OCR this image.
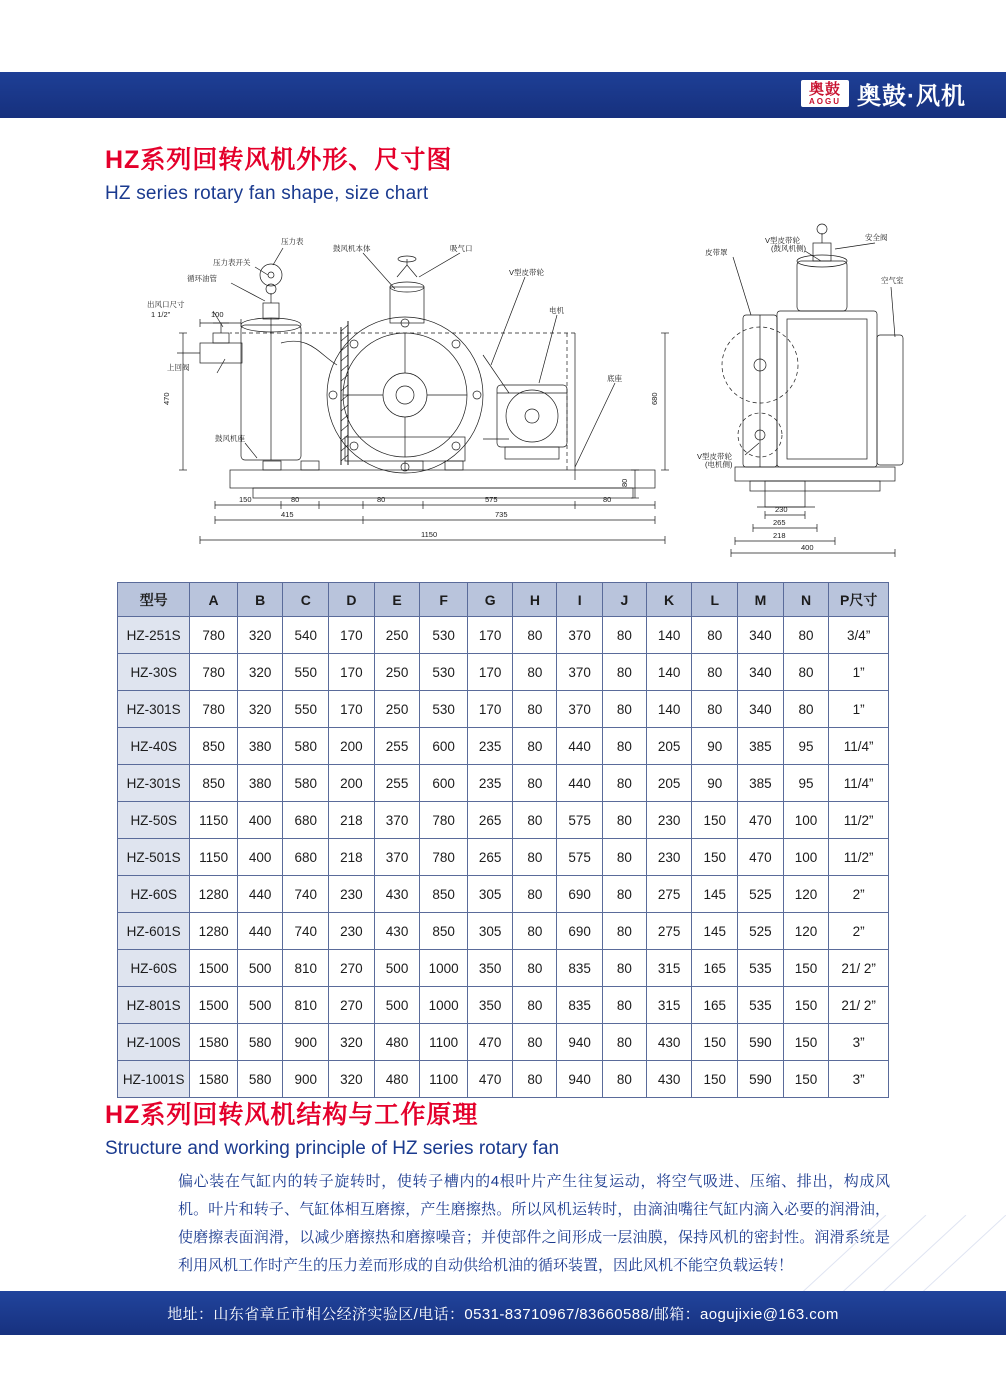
奥鼓
AOGU 奥鼓·风机
HZ系列回转风机外形、尺寸图
HZ series rotary fan shape, size chart
压力表
压力表开关
鼓风机本体	吸气口
循环油管
出风口尺寸
1 1/2”
上回阀
V型皮带轮
电机
底座
鼓风机座
100
470
150	80	80	575	80
415	735
1150
680
80
安全阀
V型皮带轮
(鼓风机侧)
皮带罩
空气室
V型皮带轮
(电机侧)
230
265
218
400
型号	A	B	C	D	E	F	G	H	I	J	K	L	M	N	P尺寸
HZ-251S	780	320	540	170	250	530	170	80	370	80	140	80	340	80	3/4”
HZ-30S	780	320	550	170	250	530	170	80	370	80	140	80	340	80	1”
HZ-301S	780	320	550	170	250	530	170	80	370	80	140	80	340	80	1”
HZ-40S	850	380	580	200	255	600	235	80	440	80	205	90	385	95	11/4”
HZ-301S	850	380	580	200	255	600	235	80	440	80	205	90	385	95	11/4”
HZ-50S	1150	400	680	218	370	780	265	80	575	80	230	150	470	100	11/2”
HZ-501S	1150	400	680	218	370	780	265	80	575	80	230	150	470	100	11/2”
HZ-60S	1280	440	740	230	430	850	305	80	690	80	275	145	525	120	2”
HZ-601S	1280	440	740	230	430	850	305	80	690	80	275	145	525	120	2”
HZ-60S	1500	500	810	270	500	1000	350	80	835	80	315	165	535	150	21/ 2”
HZ-801S	1500	500	810	270	500	1000	350	80	835	80	315	165	535	150	21/ 2”
HZ-100S	1580	580	900	320	480	1100	470	80	940	80	430	150	590	150	3”
HZ-1001S	1580	580	900	320	480	1100	470	80	940	80	430	150	590	150	3”
HZ系列回转风机结构与工作原理
Structure and working principle of HZ series rotary fan
偏心装在气缸内的转子旋转时，使转子槽内的4根叶片产生往复运动，将空气吸进、压缩、排出，构成风机。叶片和转子、气缸体相互磨擦，产生磨擦热。所以风机运转时，由滴油嘴往气缸内滴入必要的润滑油，使磨擦表面润滑，以减少磨擦热和磨擦噪音；并使部件之间形成一层油膜，保持风机的密封性。润滑系统是利用风机工作时产生的压力差而形成的自动供给机油的循环装置，因此风机不能空负载运转！
地址：山东省章丘市相公经济实验区/电话：0531-83710967/83660588/邮箱：aogujixie@163.com
